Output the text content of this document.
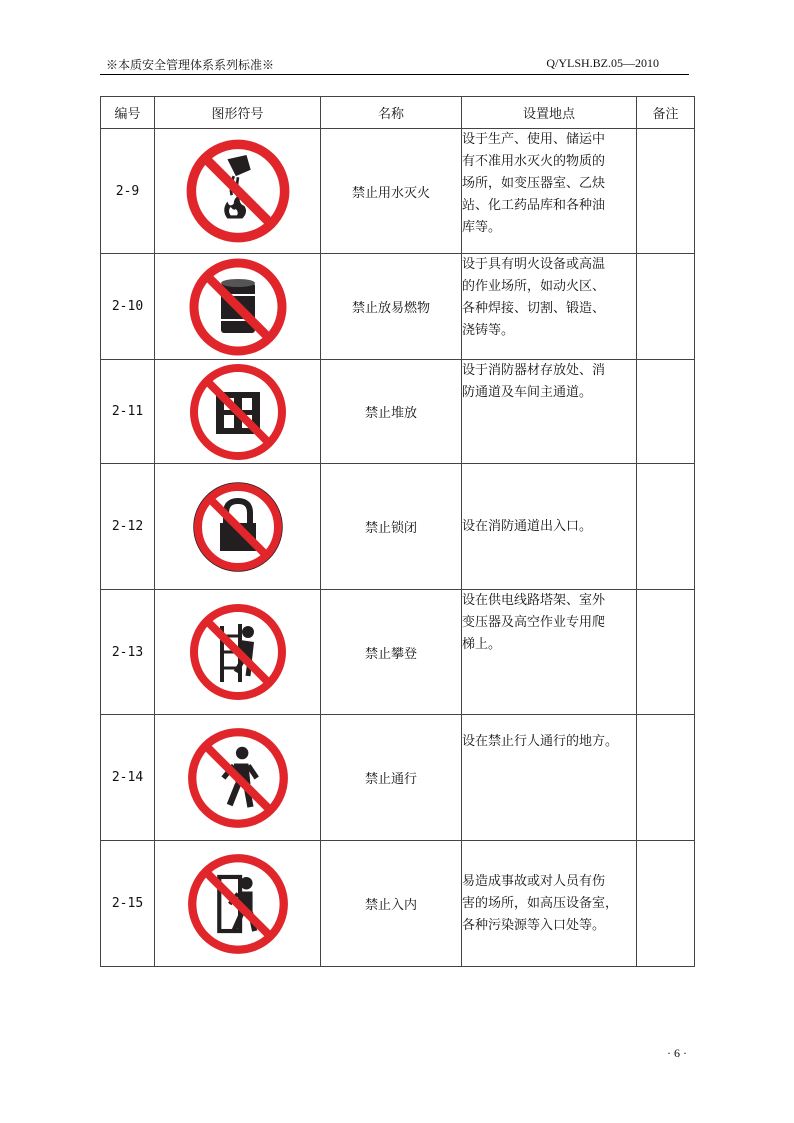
※本质安全管理体系系列标准※	Q/YLSH.BZ.05—2010
编号	图形符号	名称	设置地点	备注
2-9		禁止用水灭火	设于生产、使用、储运中
有不准用水灭火的物质的
场所，如变压器室、乙炔
站、化工药品库和各种油
库等。	

2-10		禁止放易燃物	设于具有明火设备或高温
的作业场所，如动火区、
各种焊接、切割、锻造、
浇铸等。	

2-11		禁止堆放	设于消防器材存放处、消
防通道及车间主通道。	

2-12		禁止锁闭	设在消防通道出入口。	

2-13		禁止攀登	设在供电线路塔架、室外
变压器及高空作业专用爬
梯上。	

2-14		禁止通行	设在禁止行人通行的地方。	

2-15		禁止入内	易造成事故或对人员有伤
害的场所，如高压设备室，
各种污染源等入口处等。	

· 6 ·
